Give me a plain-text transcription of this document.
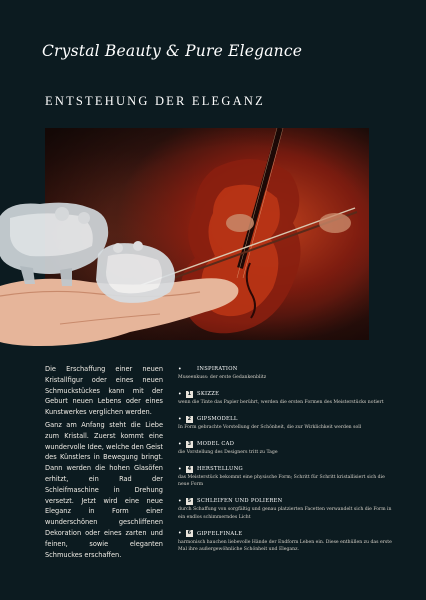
Crystal Beauty & Pure Elegance
ENTSTEHUNG DER ELEGANZ
Die Erschaffung einer neuen Kristallfigur oder eines neuen Schmuckstückes kann mit der Geburt neuen Lebens oder eines Kunstwerkes verglichen werden.
Ganz am Anfang steht die Liebe zum Kristall. Zuerst kommt eine wundervolle Idee, welche den Geist des Künstlers in Bewegung bringt. Dann werden die hohen Glasöfen erhitzt, ein Rad der Schleifmaschine in Drehung versetzt. Jetzt wird eine neue Eleganz in Form einer wunderschönen geschliffenen Dekoration oder eines zarten und feinen, sowie eleganten Schmuckes erschaffen.
•	INSPIRATION
Museenkuss: der erste Gedankenblitz
•	1	SKIZZE
wenn die Tinte das Papier berührt, werden die ersten Formen des Meisterstücks notiert
•	2	GIPSMODELL
In Form gebrachte Vorstellung der Schönheit, die zur Wirklichkeit werden soll
•	3	MODEL CAD
die Vorstellung des Designers tritt zu Tage
•	4	HERSTELLUNG
das Meisterstück bekommt eine physische Form; Schritt für Schritt kristallisiert sich die neue Form
•	5	SCHLEIFEN UND POLIEREN
durch Schaffung von sorgfältig und genau platzierten Facetten verwandelt sich die Form in ein endlos schimmerndes Licht
•	6	GIPFELFINALE
harmonisch hauchen liebevolle Hände der Endform Leben ein. Diese enthüllen zu das erste Mal ihre außergewöhnliche Schönheit und Eleganz.
